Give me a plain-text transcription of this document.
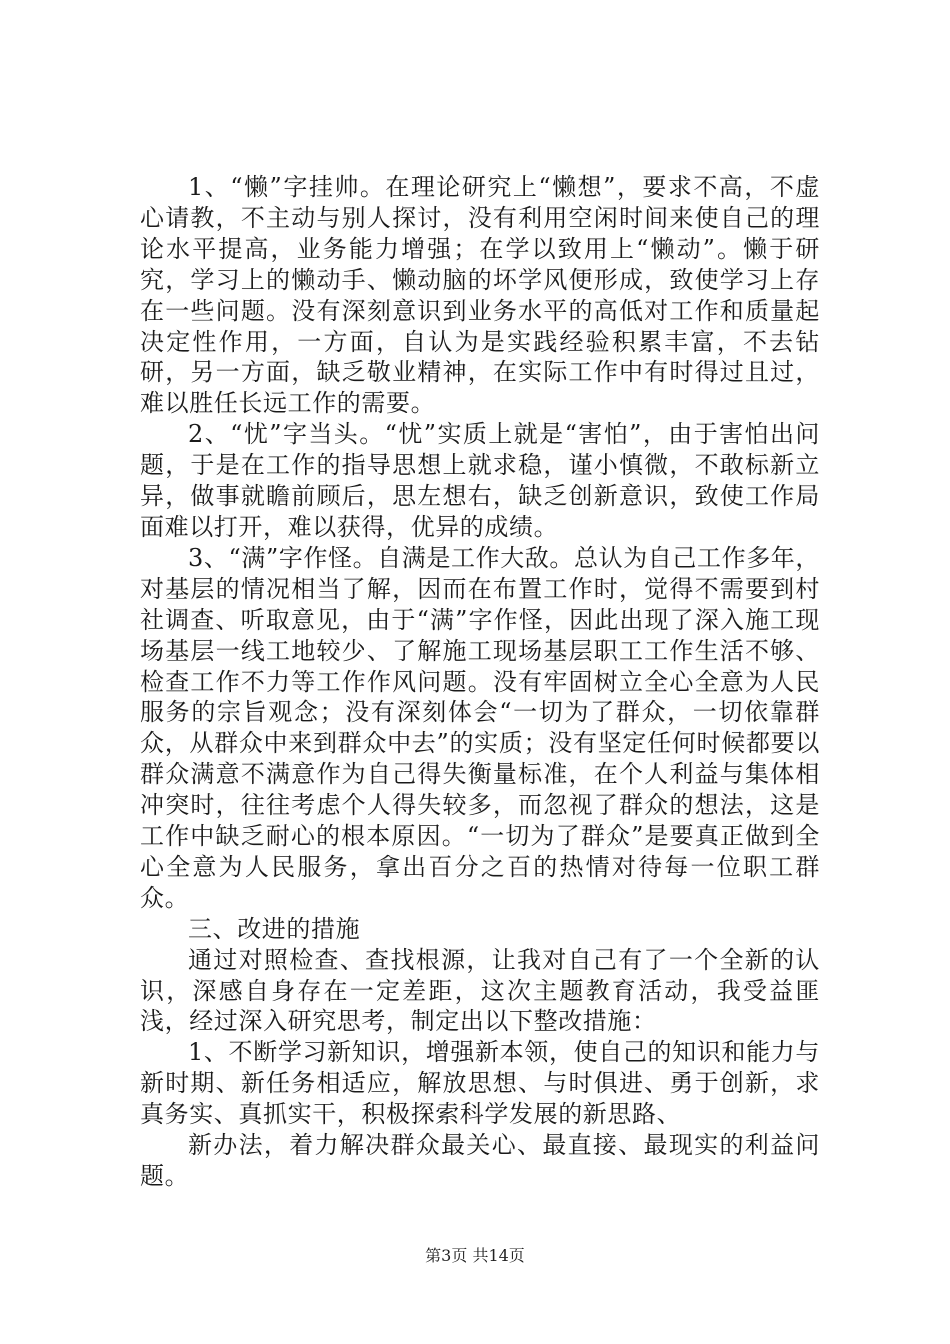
1、“懒”字挂帅。在理论研究上“懒想”，要求不高，不虚心请教，不主动与别人探讨，没有利用空闲时间来使自己的理论水平提高，业务能力增强；在学以致用上“懒动”。懒于研究，学习上的懒动手、懒动脑的坏学风便形成，致使学习上存在一些问题。没有深刻意识到业务水平的高低对工作和质量起决定性作用，一方面，自认为是实践经验积累丰富，不去钻研，另一方面，缺乏敬业精神，在实际工作中有时得过且过，难以胜任长远工作的需要。

2、“忧”字当头。“忧”实质上就是“害怕”，由于害怕出问题，于是在工作的指导思想上就求稳，谨小慎微，不敢标新立异，做事就瞻前顾后，思左想右，缺乏创新意识，致使工作局面难以打开，难以获得，优异的成绩。

3、“满”字作怪。自满是工作大敌。总认为自己工作多年，对基层的情况相当了解，因而在布置工作时，觉得不需要到村社调查、听取意见，由于“满”字作怪，因此出现了深入施工现场基层一线工地较少、了解施工现场基层职工工作生活不够、检查工作不力等工作作风问题。没有牢固树立全心全意为人民服务的宗旨观念；没有深刻体会“一切为了群众，一切依靠群众，从群众中来到群众中去”的实质；没有坚定任何时候都要以群众满意不满意作为自己得失衡量标准，在个人利益与集体相冲突时，往往考虑个人得失较多，而忽视了群众的想法，这是工作中缺乏耐心的根本原因。“一切为了群众”是要真正做到全心全意为人民服务，拿出百分之百的热情对待每一位职工群众。

三、改进的措施

通过对照检查、查找根源，让我对自己有了一个全新的认识，深感自身存在一定差距，这次主题教育活动，我受益匪浅，经过深入研究思考，制定出以下整改措施：

1、不断学习新知识，增强新本领，使自己的知识和能力与新时期、新任务相适应，解放思想、与时俱进、勇于创新，求真务实、真抓实干，积极探索科学发展的新思路、

新办法，着力解决群众最关心、最直接、最现实的利益问题。

第3页 共14页
